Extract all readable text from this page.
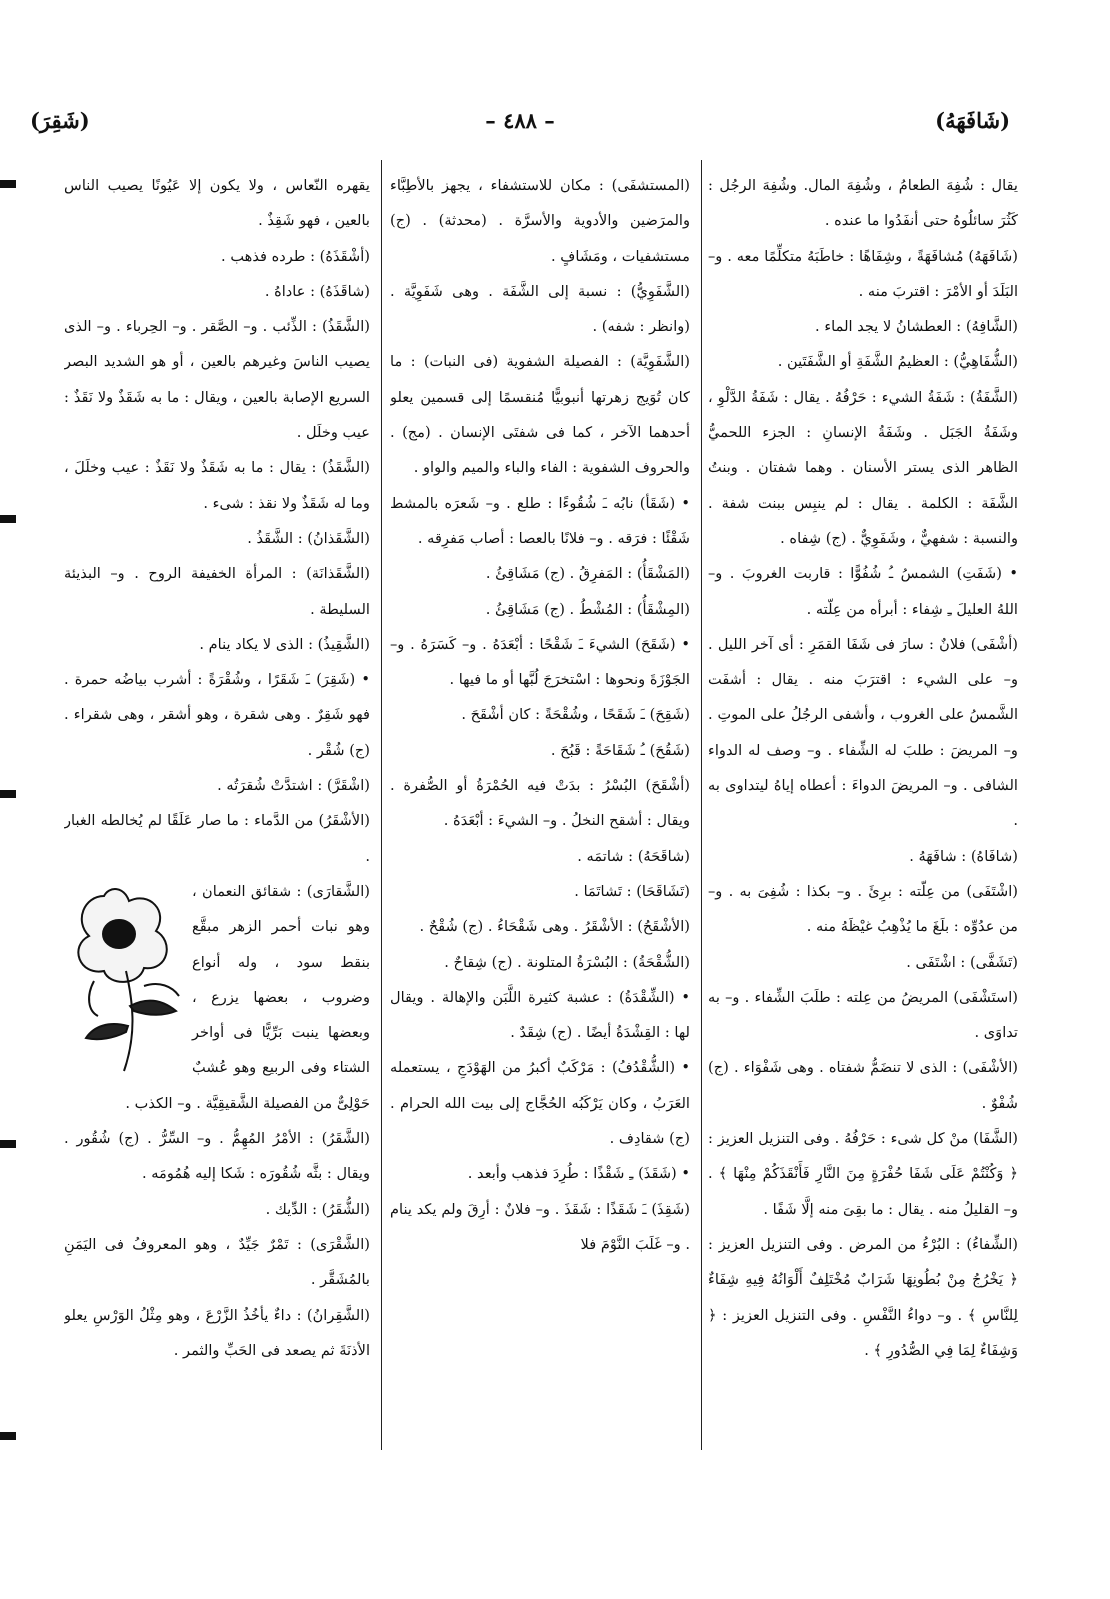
(شَافَهَهُ)
– ٤٨٨ –
(شَقِرَ)
يقال : شُفِهَ الطعامُ ، وشُفِهَ المال. وشُفِهَ الرجُل : كَثُرَ سائلُوهُ حتى أنفَدُوا ما عنده .
(شَافَهَهُ) مُشافَهَةً ، وشِفَاهًا : خاطَبَهُ متكلِّمًا معه . و– البَلَدَ أو الأمْرَ : اقتربَ منه .
(الشَّافِهُ) : العطشانُ لا يجد الماء .
(الشُّفَاهِيُّ) : العظيمُ الشَّفَةِ أو الشَّفَتَين .
(الشَّفَةُ) : شَفَةُ الشيء : حَرْفُهُ . يقال : شَفَةُ الدَّلْوِ ، وشَفَةُ الجَبَل . وشَفَةُ الإنسانِ : الجزء اللحميُّ الظاهر الذى يستر الأسنان . وهما شفتان . وبنتُ الشَّفَة : الكلمة . يقال : لم ينبِس ببنت شفة . والنسبة : شفهيٌّ ، وشَفَوِيٌّ . (ج) شِفاه .
• (شَفَتِ) الشمسُ ـُ شُفُوًّا : قاربت الغروبَ . و– اللهُ العليلَ ـِ شِفاء : أبرأه من عِلّته .
(أشْفَى) فلانٌ : سارَ فى شَفَا القمَرِ : أى آخر الليل . و– على الشيء : اقترَبَ منه . يقال : أشفَت الشَّمسُ على الغروب ، وأشفى الرجُلُ على الموتِ . و– المريضَ : طلبَ له الشِّفاء . و– وصف له الدواء الشافى . و– المريضَ الدواءَ : أعطاه إياهُ ليتداوى به .
(شافَاهُ) : شافَهَهُ .
(اشْتَفَى) من عِلّته : برِئَ . و– بكذا : شُفِىَ به . و– من عدُوِّه : بلَغَ ما يُذْهِبُ غيْظَهُ منه .
(تَشَفَّى) : اشْتَفَى .
(استَشْفَى) المريضُ من عِلته : طلَبَ الشِّفاء . و– به تداوَى .
(الأشْفَى) : الذى لا تنضَمُّ شفتاه . وهى شَفْوَاء . (ج) شُفْوٌ .
(الشَّفَا) منْ كل شىء : حَرْفُهُ . وفى التنزيل العزيز : ﴿ وَكُنْتُمْ عَلَى شَفَا حُفْرَةٍ مِنَ النَّارِ فَأَنْقَذَكُمْ مِنْهَا ﴾ . و– القليلُ منه . يقال : ما بقِىَ منه إلَّا شَفًا .
(الشِّفاءُ) : البُرْءُ من المرض . وفى التنزيل العزيز : ﴿ يَخْرُجُ مِنْ بُطُونِهَا شَرَابٌ مُخْتَلِفٌ أَلْوَانُهُ فِيهِ شِفَاءٌ لِلنَّاسِ ﴾ . و– دواءُ النَّفْسِ . وفى التنزيل العزيز : ﴿ وَشِفَاءٌ لِمَا فِي الصُّدُورِ ﴾ .
(المستشفَى) : مكان للاستشفاء ، يجهز بالأطِبَّاء والمرَضين والأدوية والأسرَّة . (محدثة) . (ج) مستشفيات ، ومَشَافٍ .
(الشَّفَوِيُّ) : نسبة إلى الشَّفَة . وهى شَفَوِيَّة . (وانظر : شفه) .
(الشَّفَوِيَّة) : الفصيلة الشفوية (فى النبات) : ما كان تُوَيج زهرتها أنبوبيًّا مُنقسمًا إلى قسمين يعلو أحدهما الآخر ، كما فى شفتَى الإنسان . (مج) . والحروف الشفوية : الفاء والباء والميم والواو .
• (شَقَأ) نابُه ـَ شُقُوءًا : طلع . و– شَعرَه بالمشط شَقْئًا : فرَقه . و– فلانًا بالعصا : أصاب مَفرِقه .
(المَشْقَأُ) : المَفرِقُ . (ج) مَشَاقِئُ .
(المِشْقَأُ) : المُشْطُ . (ج) مَشَاقِئُ .
• (شَقَحَ) الشيءَ ـَ شَقْحًا : أبْعَدَهُ . و– كَسَرَهُ . و– الجَوْزَةَ ونحوها : اسْتخرَجَ لُبَّها أو ما فيها .
(شَقِحَ) ـَ شَقَحًا ، وشُقْحَةً : كان أشْقَحَ .
(شَقُحَ) ـُ شَقَاحَةً : قَبُحَ .
(أشْقَحَ) البُسْرُ : بدَتْ فيه الحُمْرَةُ أو الصُّفرة . ويقال : أشقح النخلُ . و– الشيءَ : أبْعَدَهُ .
(شاقَحَهُ) : شاتمَه .
(تَشَاقَحَا) : تَشاتَمَا .
(الأشْقَحُ) : الأشْقَرُ . وهى شَقْحَاءُ . (ج) شُقْحٌ .
(الشُّقْحَةُ) : البُسْرَةُ المتلونة . (ج) شِقاحٌ .
• (الشِّقْدَةُ) : عشبة كثيرة اللَّبَن والإهالة . ويقال لها : القِشْدَةُ أيضًا . (ج) شِقَدٌ .
• (الشُّقْدُفُ) : مَرْكَبٌ أكبرُ من الهَوْدَجِ ، يستعمله العَرَبُ ، وكان يَرْكَبُه الحُجَّاج إلى بيت الله الحرام . (ج) شقادِف .
• (شَقَذَ) ـِ شَقْذًا : طُرِدَ فذهب وأبعد .
(شَقِذَ) ـَ شَقَذًا : شَقَذَ . و– فلانٌ : أرِقَ ولم يكد ينام . و– غَلَبَ النَّوْمَ فلا
يقهره النّعاس ، ولا يكون إلا عَيُونًا يصيب الناس بالعين ، فهو شَقِذٌ .
(أشْقَذَهُ) : طرده فذهب .
(شاقَذَهُ) : عاداهُ .
(الشَّقَذُ) : الذِّئب . و– الصَّقر . و– الحِرباء . و– الذى يصيب الناسَ وغيرهم بالعين ، أو هو الشديد البصر السريع الإصابة بالعين ، ويقال : ما به شَقَذٌ ولا نَقَذٌ : عيب وخلَل .
(الشَّقَذُ) : يقال : ما به شَقَذٌ ولا نَقَذٌ : عيب وخلَلَ ، وما له شَقَذٌ ولا نقذ : شىء .
(الشَّقَذانُ) : الشَّقَذُ .
(الشَّقَذانَة) : المرأة الخفيفة الروح . و– البذيئة السليطة .
(الشَّقِيذُ) : الذى لا يكاد ينام .
• (شَقِرَ) ـَ شَقَرًا ، وشُقْرَةً : أشرب بياضُه حمرة . فهو شَقِرٌ . وهى شقرة ، وهو أشقر ، وهى شقراء . (ج) شُقْر .
(اشْقَرَّ) : اشتدَّتْ شُقرَتُه .
(الأشْقَرُ) من الدَّماء : ما صار عَلَقًا لم يُخالطه الغبار .
(الشَّقارَى) : شقائق النعمان ، وهو نبات أحمر الزهر مبقَّع بنقط سود ، وله أنواع وضروب ، بعضها يزرع ، وبعضها ينبت بَرِّيًّا فى أواخر الشتاء وفى الربيع وهو عُشبٌ حَوْلِىٌّ من الفصيلة الشَّقيقِيَّة . و– الكذب .
(الشَّقَرُ) : الأمْرُ المُهِمُّ . و– السِّرُّ . (ج) شُقُور . ويقال : بثَّه شُقُورَه : شَكا إليه هُمُومَه .
(الشُّقَرُ) : الدِّيك .
(الشَّقْرَى) : تَمْرٌ جَيِّدٌ ، وهو المعروفُ فى اليَمَنِ بالمُشَقَّر .
(الشَّقِرانُ) : داءٌ يأخُذُ الزَّرْعَ ، وهو مِثْلُ الوَرْسِ يعلو الأذنَةَ ثم يصعد فى الحَبِّ والثمر .
